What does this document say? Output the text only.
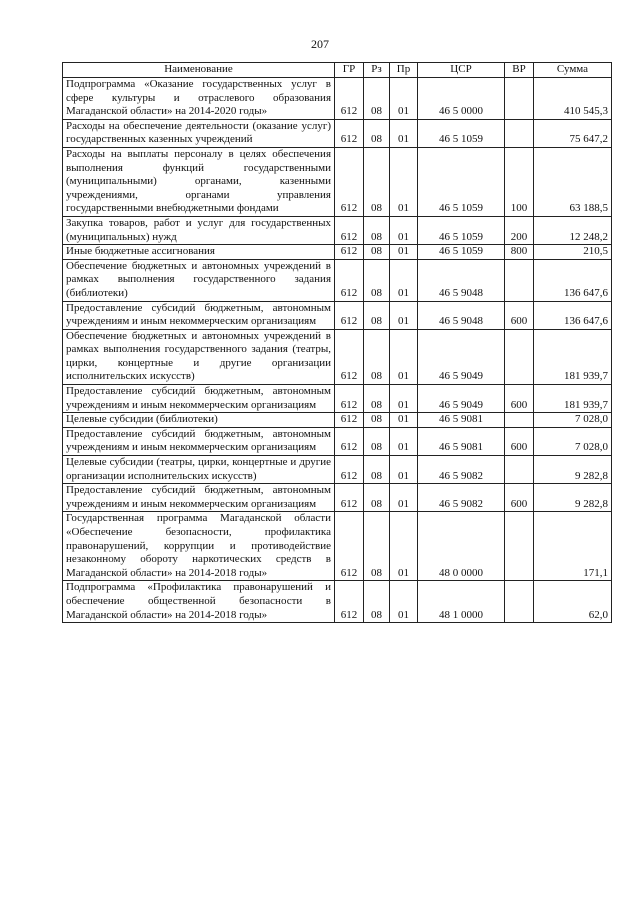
207
Наименование	ГР	Рз	Пр	ЦСР	ВР	Сумма
Подпрограмма «Оказание государственных услуг в сфере культуры и отраслевого образования Магаданской области» на 2014-2020 годы»	612	08	01	46 5 0000		410 545,3
Расходы на обеспечение деятельности (оказание услуг) государственных казенных учреждений	612	08	01	46 5 1059		75 647,2
Расходы на выплаты персоналу в целях обеспечения выполнения функций государственными (муниципальными) органами, казенными учреждениями, органами управления государственными внебюджетными фондами	612	08	01	46 5 1059	100	63 188,5
Закупка товаров, работ и услуг для государственных (муниципальных) нужд	612	08	01	46 5 1059	200	12 248,2
Иные бюджетные ассигнования	612	08	01	46 5 1059	800	210,5
Обеспечение бюджетных и автономных учреждений в рамках выполнения государственного задания (библиотеки)	612	08	01	46 5 9048		136 647,6
Предоставление субсидий бюджетным, автономным учреждениям и иным некоммерческим организациям	612	08	01	46 5 9048	600	136 647,6
Обеспечение бюджетных и автономных учреждений в рамках выполнения государственного задания (театры, цирки, концертные и другие организации исполнительских искусств)	612	08	01	46 5 9049		181 939,7
Предоставление субсидий бюджетным, автономным учреждениям и иным некоммерческим организациям	612	08	01	46 5 9049	600	181 939,7
Целевые субсидии (библиотеки)	612	08	01	46 5 9081		7 028,0
Предоставление субсидий бюджетным, автономным учреждениям и иным некоммерческим организациям	612	08	01	46 5 9081	600	7 028,0
Целевые субсидии (театры, цирки, концертные и другие организации исполнительских искусств)	612	08	01	46 5 9082		9 282,8
Предоставление субсидий бюджетным, автономным учреждениям и иным некоммерческим организациям	612	08	01	46 5 9082	600	9 282,8
Государственная программа Магаданской области «Обеспечение безопасности, профилактика правонарушений, коррупции и противодействие незаконному обороту наркотических средств в Магаданской области» на 2014-2018 годы»	612	08	01	48 0 0000		171,1
Подпрограмма «Профилактика правонарушений и обеспечение общественной безопасности в Магаданской области» на 2014-2018 годы»	612	08	01	48 1 0000		62,0
